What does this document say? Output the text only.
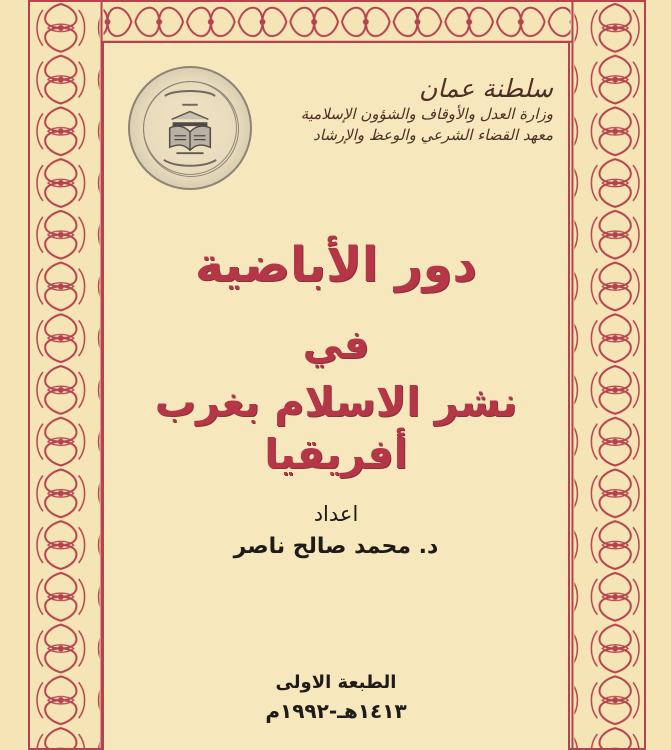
سلطنة عمان
وزارة العدل والأوقاف والشؤون الإسلامية
معهد القضاء الشرعي والوعظ والإرشاد
دور الأباضية
في
نشر الاسلام بغرب أفريقيا
اعداد
د. محمد صالح ناصر
الطبعة الاولى
١٤١٣هـ-١٩٩٢م
